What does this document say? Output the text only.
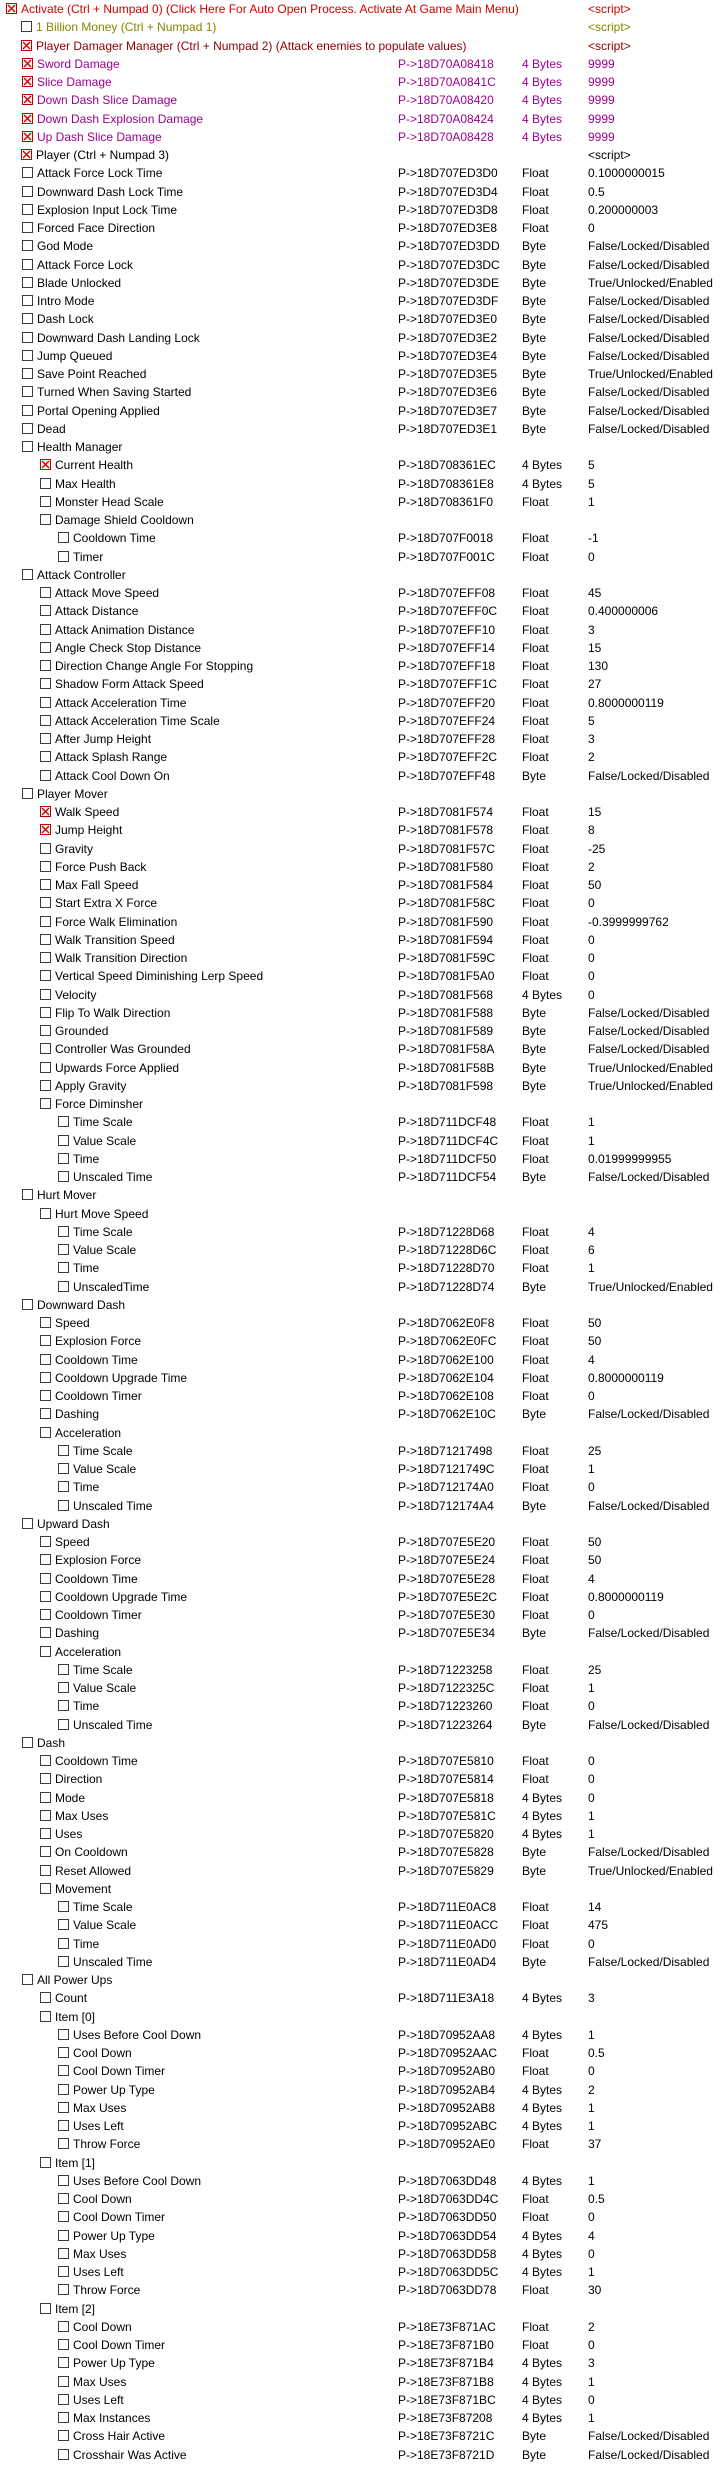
Activate (Ctrl + Numpad 0) (Click Here For Auto Open Process. Activate At Game Main Menu)	<script>
1 Billion Money (Ctrl + Numpad 1)	<script>
Player Damager Manager (Ctrl + Numpad 2) (Attack enemies to populate values)	<script>
Sword Damage	P->18D70A08418 4 Bytes 9999
Slice Damage	P->18D70A0841C 4 Bytes 9999
Down Dash Slice Damage	P->18D70A08420 4 Bytes 9999
Down Dash Explosion Damage	P->18D70A08424 4 Bytes 9999
Up Dash Slice Damage	P->18D70A08428 4 Bytes 9999
Player (Ctrl + Numpad 3)	<script>
Attack Force Lock Time	P->18D707ED3D0 Float	0.1000000015
Downward Dash Lock Time	P->18D707ED3D4 Float	0.5
Explosion Input Lock Time	P->18D707ED3D8 Float	0.200000003
Forced Face Direction	P->18D707ED3E8 Float	0
God Mode	P->18D707ED3DD Byte	False/Locked/Disabled
Attack Force Lock	P->18D707ED3DC Byte	False/Locked/Disabled
Blade Unlocked	P->18D707ED3DE Byte	True/Unlocked/Enabled
Intro Mode	P->18D707ED3DF Byte	False/Locked/Disabled
Dash Lock	P->18D707ED3E0 Byte	False/Locked/Disabled
Downward Dash Landing Lock	P->18D707ED3E2 Byte	False/Locked/Disabled
Jump Queued	P->18D707ED3E4 Byte	False/Locked/Disabled
Save Point Reached	P->18D707ED3E5 Byte	True/Unlocked/Enabled
Turned When Saving Started	P->18D707ED3E6 Byte	False/Locked/Disabled
Portal Opening Applied	P->18D707ED3E7 Byte	False/Locked/Disabled
Dead	P->18D707ED3E1 Byte	False/Locked/Disabled
Health Manager
Current Health	P->18D708361EC 4 Bytes 5
Max Health	P->18D708361E8 4 Bytes 5
Monster Head Scale	P->18D708361F0 Float	1
Damage Shield Cooldown
Cooldown Time	P->18D707F0018 Float	-1
Timer	P->18D707F001C Float	0
Attack Controller
Attack Move Speed	P->18D707EFF08 Float	45
Attack Distance	P->18D707EFF0C Float	0.400000006
Attack Animation Distance	P->18D707EFF10 Float	3
Angle Check Stop Distance	P->18D707EFF14 Float	15
Direction Change Angle For Stopping	P->18D707EFF18 Float	130
Shadow Form Attack Speed	P->18D707EFF1C Float	27
Attack Acceleration Time	P->18D707EFF20 Float	0.8000000119
Attack Acceleration Time Scale	P->18D707EFF24 Float	5
After Jump Height	P->18D707EFF28 Float	3
Attack Splash Range	P->18D707EFF2C Float	2
Attack Cool Down On	P->18D707EFF48 Byte	False/Locked/Disabled
Player Mover
Walk Speed	P->18D7081F574 Float	15
Jump Height	P->18D7081F578 Float	8
Gravity	P->18D7081F57C Float	-25
Force Push Back	P->18D7081F580 Float	2
Max Fall Speed	P->18D7081F584 Float	50
Start Extra X Force	P->18D7081F58C Float	0
Force Walk Elimination	P->18D7081F590 Float	-0.3999999762
Walk Transition Speed	P->18D7081F594 Float	0
Walk Transition Direction	P->18D7081F59C Float	0
Vertical Speed Diminishing Lerp Speed	P->18D7081F5A0 Float	0
Velocity	P->18D7081F568 4 Bytes 0
Flip To Walk Direction	P->18D7081F588 Byte	False/Locked/Disabled
Grounded	P->18D7081F589 Byte	False/Locked/Disabled
Controller Was Grounded	P->18D7081F58A Byte	False/Locked/Disabled
Upwards Force Applied	P->18D7081F58B Byte	True/Unlocked/Enabled
Apply Gravity	P->18D7081F598 Byte	True/Unlocked/Enabled
Force Diminsher
Time Scale	P->18D711DCF48 Float	1
Value Scale	P->18D711DCF4C Float	1
Time	P->18D711DCF50 Float	0.01999999955
Unscaled Time	P->18D711DCF54 Byte	False/Locked/Disabled
Hurt Mover
Hurt Move Speed
Time Scale	P->18D71228D68 Float	4
Value Scale	P->18D71228D6C Float	6
Time	P->18D71228D70 Float	1
UnscaledTime	P->18D71228D74 Byte	True/Unlocked/Enabled
Downward Dash
Speed	P->18D7062E0F8 Float	50
Explosion Force	P->18D7062E0FC Float	50
Cooldown Time	P->18D7062E100 Float	4
Cooldown Upgrade Time	P->18D7062E104 Float	0.8000000119
Cooldown Timer	P->18D7062E108 Float	0
Dashing	P->18D7062E10C Byte	False/Locked/Disabled
Acceleration
Time Scale	P->18D71217498 Float	25
Value Scale	P->18D7121749C Float	1
Time	P->18D712174A0 Float	0
Unscaled Time	P->18D712174A4 Byte	False/Locked/Disabled
Upward Dash
Speed	P->18D707E5E20 Float	50
Explosion Force	P->18D707E5E24 Float	50
Cooldown Time	P->18D707E5E28 Float	4
Cooldown Upgrade Time	P->18D707E5E2C Float	0.8000000119
Cooldown Timer	P->18D707E5E30 Float	0
Dashing	P->18D707E5E34 Byte	False/Locked/Disabled
Acceleration
Time Scale	P->18D71223258 Float	25
Value Scale	P->18D7122325C Float	1
Time	P->18D71223260 Float	0
Unscaled Time	P->18D71223264 Byte	False/Locked/Disabled
Dash
Cooldown Time	P->18D707E5810 Float	0
Direction	P->18D707E5814 Float	0
Mode	P->18D707E5818 4 Bytes 0
Max Uses	P->18D707E581C 4 Bytes 1
Uses	P->18D707E5820 4 Bytes 1
On Cooldown	P->18D707E5828 Byte	False/Locked/Disabled
Reset Allowed	P->18D707E5829 Byte	True/Unlocked/Enabled
Movement
Time Scale	P->18D711E0AC8 Float	14
Value Scale	P->18D711E0ACC Float	475
Time	P->18D711E0AD0 Float	0
Unscaled Time	P->18D711E0AD4 Byte	False/Locked/Disabled
All Power Ups
Count	P->18D711E3A18 4 Bytes 3
Item [0]
Uses Before Cool Down	P->18D70952AA8 4 Bytes 1
Cool Down	P->18D70952AAC Float	0.5
Cool Down Timer	P->18D70952AB0 Float	0
Power Up Type	P->18D70952AB4 4 Bytes 2
Max Uses	P->18D70952AB8 4 Bytes 1
Uses Left	P->18D70952ABC 4 Bytes 1
Throw Force	P->18D70952AE0 Float	37
Item [1]
Uses Before Cool Down	P->18D7063DD48 4 Bytes 1
Cool Down	P->18D7063DD4C Float	0.5
Cool Down Timer	P->18D7063DD50 Float	0
Power Up Type	P->18D7063DD54 4 Bytes 4
Max Uses	P->18D7063DD58 4 Bytes 0
Uses Left	P->18D7063DD5C 4 Bytes 1
Throw Force	P->18D7063DD78 Float	30
Item [2]
Cool Down	P->18E73F871AC Float	2
Cool Down Timer	P->18E73F871B0 Float	0
Power Up Type	P->18E73F871B4 4 Bytes 3
Max Uses	P->18E73F871B8 4 Bytes 1
Uses Left	P->18E73F871BC 4 Bytes 0
Max Instances	P->18E73F87208 4 Bytes 1
Cross Hair Active	P->18E73F8721C Byte	False/Locked/Disabled
Crosshair Was Active	P->18E73F8721D Byte	False/Locked/Disabled
